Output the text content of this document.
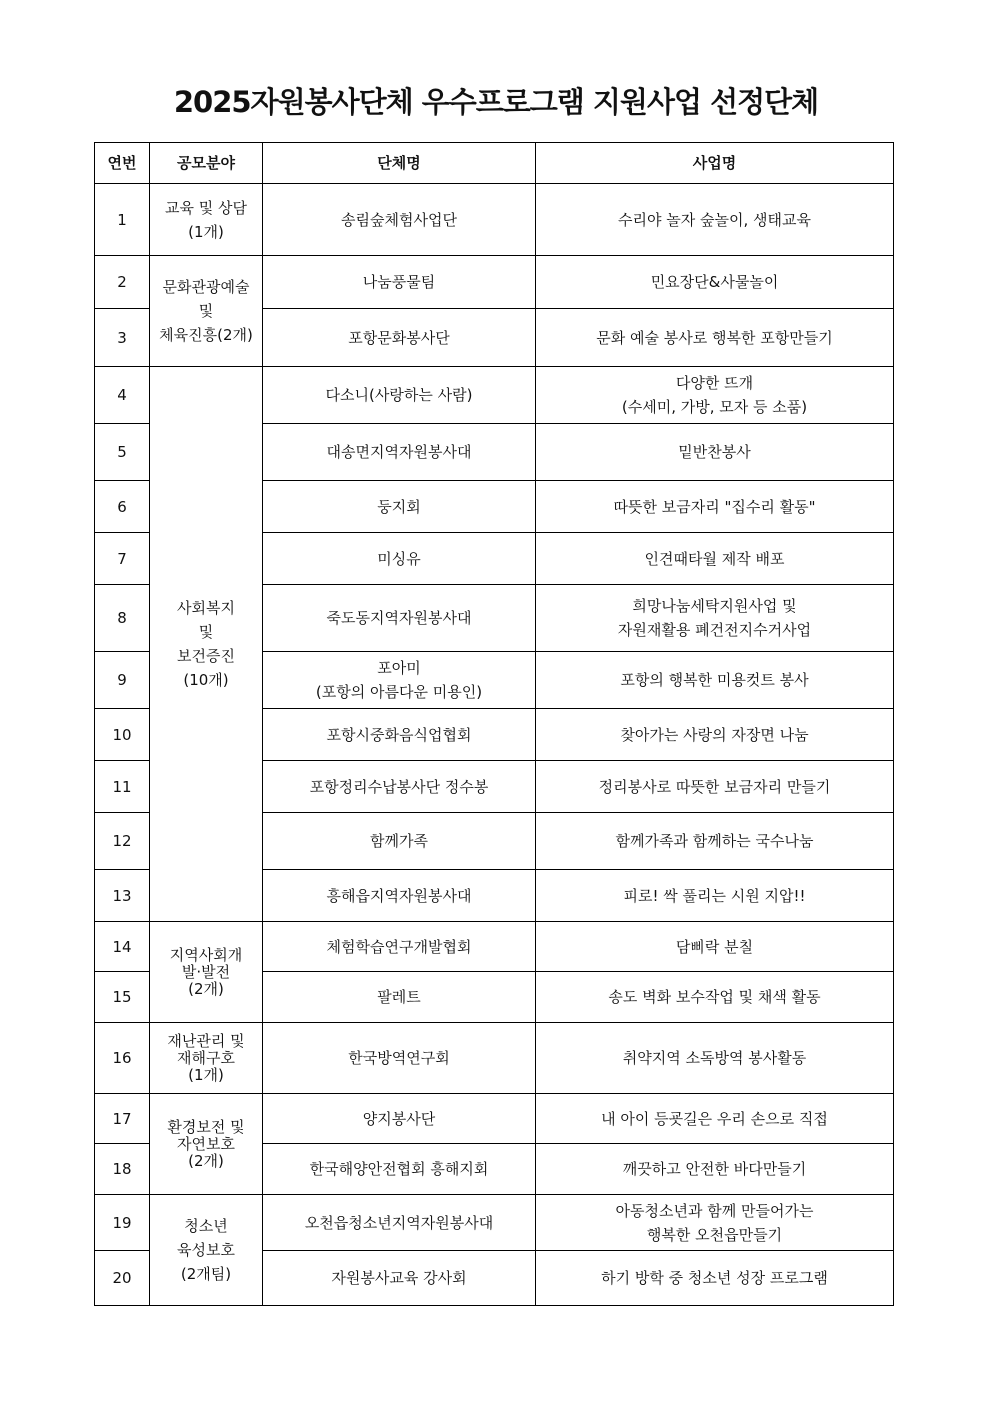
2025자원봉사단체 우수프로그램 지원사업 선정단체
연번	공모분야	단체명	사업명
1	교육 및 상담
(1개)	송림숲체험사업단	수리야 놀자 숲놀이, 생태교육
2	문화관광예술
및
체육진흥(2개)	나눔풍물팀	민요장단&사물놀이
3		포항문화봉사단	문화 예술 봉사로 행복한 포항만들기
4	사회복지
및
보건증진
(10개)	다소니(사랑하는 사람)	다양한 뜨개
(수세미, 가방, 모자 등 소품)
5		대송면지역자원봉사대	밑반찬봉사
6		둥지회	따뜻한 보금자리 "집수리 활동"
7		미싱유	인견때타월 제작 배포
8		죽도동지역자원봉사대	희망나눔세탁지원사업 및
자원재활용 폐건전지수거사업
9		포아미
(포항의 아름다운 미용인)	포항의 행복한 미용컷트 봉사
10		포항시중화음식업협회	찾아가는 사랑의 자장면 나눔
11		포항정리수납봉사단 정수봉	정리봉사로 따뜻한 보금자리 만들기
12		함께가족	함께가족과 함께하는 국수나눔
13		흥해읍지역자원봉사대	피로! 싹 풀리는 시원 지압!!
14	지역사회개
발·발전
(2개)	체험학습연구개발협회	담삐락 분칠
15		팔레트	송도 벽화 보수작업 및 채색 활동
16	재난관리 및
재해구호
(1개)	한국방역연구회	취약지역 소독방역 봉사활동
17	환경보전 및
자연보호
(2개)	양지봉사단	내 아이 등굣길은 우리 손으로 직접
18		한국해양안전협회 흥해지회	깨끗하고 안전한 바다만들기
19	청소년
육성보호
(2개팀)	오천읍청소년지역자원봉사대	아동청소년과 함께 만들어가는
행복한 오천읍만들기
20		자원봉사교육 강사회	하기 방학 중 청소년 성장 프로그램
